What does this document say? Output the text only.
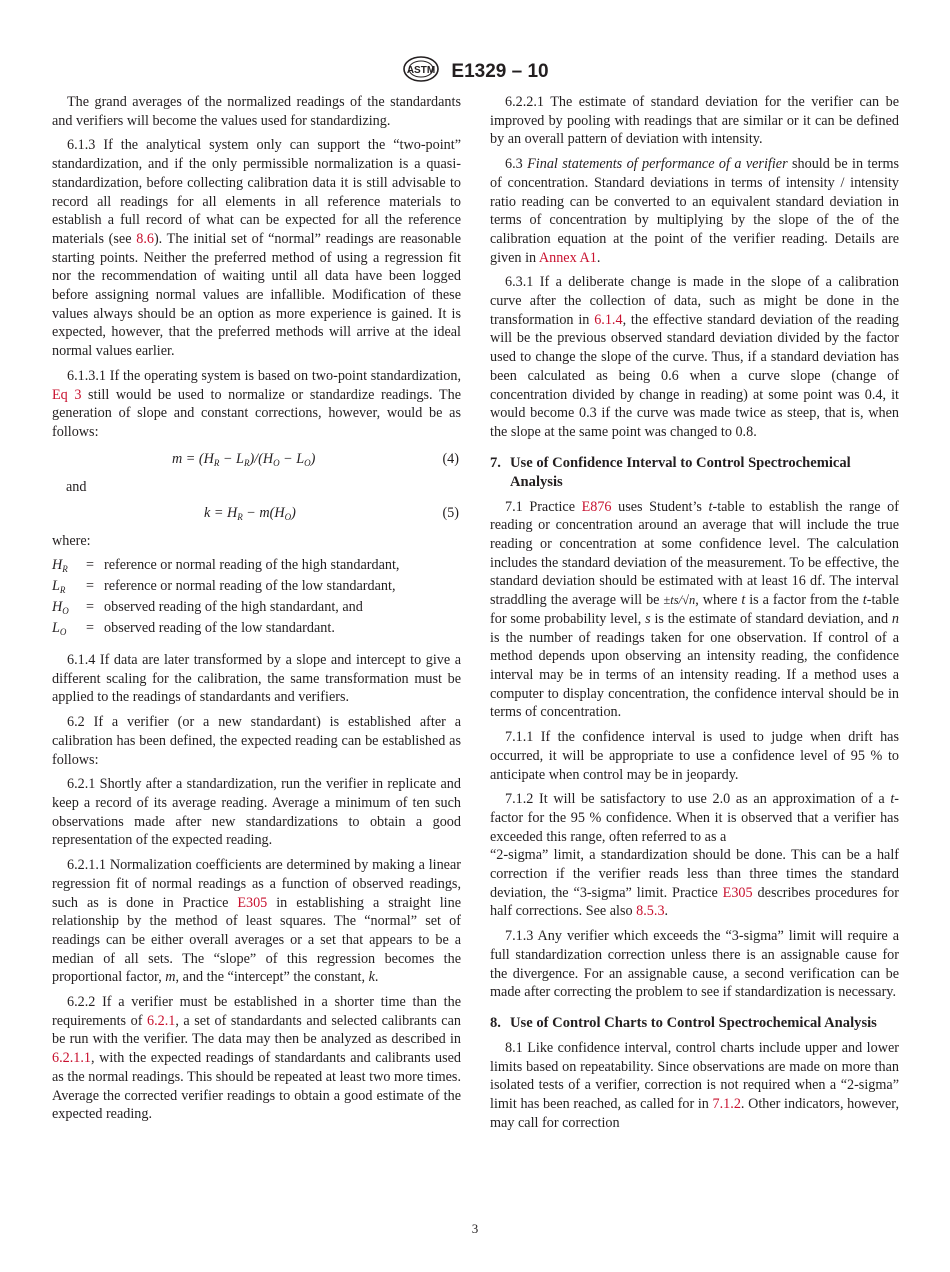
ASTM E1329 – 10

The grand averages of the normalized readings of the standardants and verifiers will become the values used for standardizing.

6.1.3 If the analytical system only can support the “two-point” standardization, and if the only permissible normalization is a quasi-standardization, before collecting calibration data it is still advisable to record all readings for all elements in all reference materials to establish a full record of what can be expected for all the reference materials (see 8.6). The initial set of “normal” readings are reasonable starting points. Neither the preferred method of using a regression fit nor the recommendation of waiting until all data have been logged before assigning normal values are infallible. Modification of these values always should be an option as more experience is gained. It is expected, however, that the preferred methods will arrive at the ideal normal values earlier.

6.1.3.1 If the operating system is based on two-point standardization, Eq 3 still would be used to normalize or standardize readings. The generation of slope and constant corrections, however, would be as follows:

$m = (H_R - L_R)/(H_O - L_O)$	(4)

and

$k = H_R - m(H_O)$	(5)

where:

$H_R$	= reference or normal reading of the high standardant,
$L_R$	= reference or normal reading of the low standardant,
$H_O$	= observed reading of the high standardant, and
$L_O$	= observed reading of the low standardant.

6.1.4 If data are later transformed by a slope and intercept to give a different scaling for the calibration, the same transformation must be applied to the readings of standardants and verifiers.

6.2 If a verifier (or a new standardant) is established after a calibration has been defined, the expected reading can be established as follows:

6.2.1 Shortly after a standardization, run the verifier in replicate and keep a record of its average reading. Average a minimum of ten such observations made after new standardizations to obtain a good representation of the expected reading.

6.2.1.1 Normalization coefficients are determined by making a linear regression fit of normal readings as a function of observed readings, such as is done in Practice E305 in establishing a straight line relationship by the method of least squares. The “normal” set of readings can be either overall averages or a set that appears to be a median of all sets. The “slope” of this regression becomes the proportional factor, m, and the “intercept” the constant, k.

6.2.2 If a verifier must be established in a shorter time than the requirements of 6.2.1, a set of standardants and selected calibrants can be run with the verifier. The data may then be analyzed as described in 6.2.1.1, with the expected readings of standardants and calibrants used as the normal readings. This should be repeated at least two more times. Average the corrected verifier readings to obtain a good estimate of the expected reading.

6.2.2.1 The estimate of standard deviation for the verifier can be improved by pooling with readings that are similar or it can be defined by an overall pattern of deviation with intensity.

6.3 Final statements of performance of a verifier should be in terms of concentration. Standard deviations in terms of intensity / intensity ratio reading can be converted to an equivalent standard deviation in terms of concentration by multiplying by the slope of the of the calibration equation at the point of the verifier reading. Details are given in Annex A1.

6.3.1 If a deliberate change is made in the slope of a calibration curve after the collection of data, such as might be done in the transformation in 6.1.4, the effective standard deviation of the reading will be the previous observed standard deviation divided by the factor used to change the slope of the curve. Thus, if a standard deviation has been calculated as being 0.6 when a curve slope (change of concentration divided by change in reading) at some point was 0.4, it would become 0.3 if the curve was made twice as steep, that is, when the slope at the same point was changed to 0.8.

7. Use of Confidence Interval to Control Spectrochemical Analysis

7.1 Practice E876 uses Student’s t-table to establish the range of reading or concentration around an average that will include the true reading or concentration at some confidence level. The calculation includes the standard deviation of the measurement. To be effective, the standard deviation should be estimated with at least 16 df. The interval straddling the average will be ±ts/√n, where t is a factor from the t-table for some probability level, s is the estimate of standard deviation, and n is the number of readings taken for one observation. If control of a method depends upon observing an intensity reading, the confidence interval may be in terms of an intensity reading. If a method uses a computer to display concentration, the confidence interval should be in terms of concentration.

7.1.1 If the confidence interval is used to judge when drift has occurred, it will be appropriate to use a confidence level of 95 % to anticipate when control may be in jeopardy.

7.1.2 It will be satisfactory to use 2.0 as an approximation of a t-factor for the 95 % confidence. When it is observed that a verifier has exceeded this range, often referred to as a

“2-sigma” limit, a standardization should be done. This can be a half correction if the verifier reads less than three times the standard deviation, the “3-sigma” limit. Practice E305 describes procedures for half corrections. See also 8.5.3.

7.1.3 Any verifier which exceeds the “3-sigma” limit will require a full standardization correction unless there is an assignable cause for the divergence. For an assignable cause, a second verification can be made after correcting the problem to see if standardization is necessary.

8. Use of Control Charts to Control Spectrochemical Analysis

8.1 Like confidence interval, control charts include upper and lower limits based on repeatability. Since observations are made on more than isolated tests of a verifier, correction is not required when a “2-sigma” limit has been reached, as called for in 7.1.2. Other indicators, however, may call for correction

3
